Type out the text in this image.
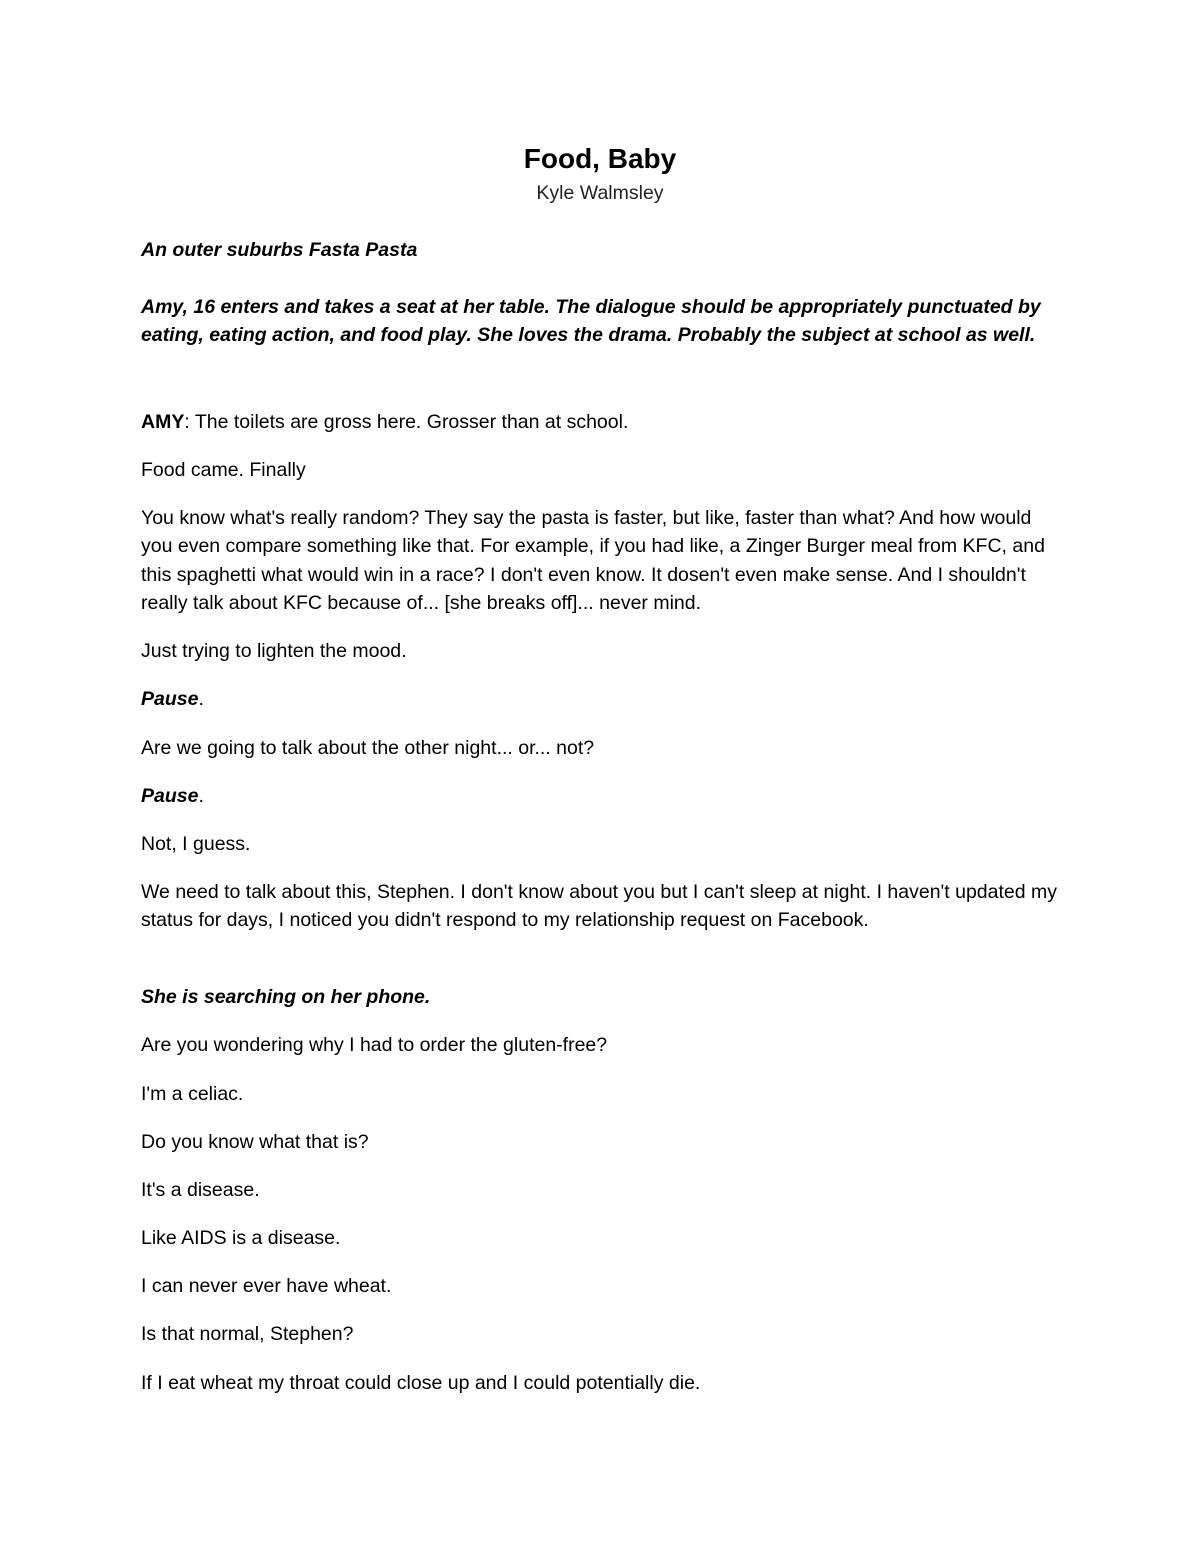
Food, Baby
Kyle Walmsley

An outer suburbs Fasta Pasta

Amy, 16 enters and takes a seat at her table. The dialogue should be appropriately punctuated by eating, eating action, and food play. She loves the drama. Probably the subject at school as well.

AMY: The toilets are gross here. Grosser than at school.

Food came. Finally

You know what's really random? They say the pasta is faster, but like, faster than what? And how would you even compare something like that. For example, if you had like, a Zinger Burger meal from KFC, and this spaghetti what would win in a race? I don't even know. It dosen't even make sense. And I shouldn't really talk about KFC because of... [she breaks off]... never mind.

Just trying to lighten the mood.

Pause.

Are we going to talk about the other night... or... not?

Pause.

Not, I guess.

We need to talk about this, Stephen. I don't know about you but I can't sleep at night. I haven't updated my status for days, I noticed you didn't respond to my relationship request on Facebook.

She is searching on her phone.

Are you wondering why I had to order the gluten-free?

I'm a celiac.

Do you know what that is?

It's a disease.

Like AIDS is a disease.

I can never ever have wheat.

Is that normal, Stephen?

If I eat wheat my throat could close up and I could potentially die.
